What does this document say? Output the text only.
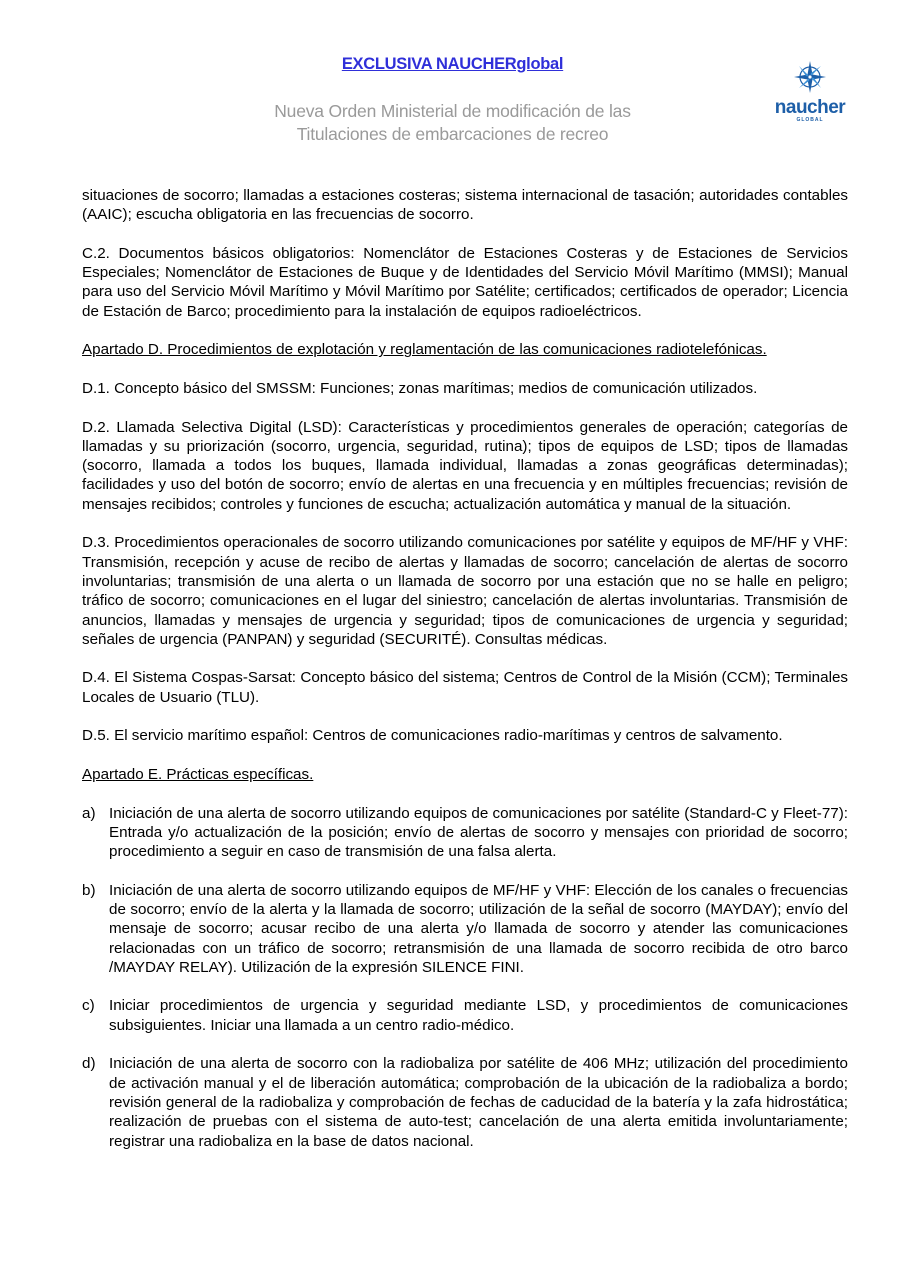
EXCLUSIVA NAUCHERglobal
Nueva Orden Ministerial de modificación de las
Titulaciones de embarcaciones de recreo
naucher
GLOBAL

situaciones de socorro; llamadas a estaciones costeras; sistema internacional de tasación; autoridades contables (AAIC); escucha obligatoria en las frecuencias de socorro.

C.2. Documentos básicos obligatorios: Nomenclátor de Estaciones Costeras y de Estaciones de Servicios Especiales; Nomenclátor de Estaciones de Buque y de Identidades del Servicio Móvil Marítimo (MMSI); Manual para uso del Servicio Móvil Marítimo y Móvil Marítimo por Satélite; certificados; certificados de operador; Licencia de Estación de Barco; procedimiento para la instalación de equipos radioeléctricos.

Apartado D. Procedimientos de explotación y reglamentación de las comunicaciones radiotelefónicas.

D.1. Concepto básico del SMSSM: Funciones; zonas marítimas; medios de comunicación utilizados.

D.2. Llamada Selectiva Digital (LSD): Características y procedimientos generales de operación; categorías de llamadas y su priorización (socorro, urgencia, seguridad, rutina); tipos de equipos de LSD; tipos de llamadas (socorro, llamada a todos los buques, llamada individual, llamadas a zonas geográficas determinadas); facilidades y uso del botón de socorro; envío de alertas en una frecuencia y en múltiples frecuencias; revisión de mensajes recibidos; controles y funciones de escucha; actualización automática y manual de la situación.

D.3. Procedimientos operacionales de socorro utilizando comunicaciones por satélite y equipos de MF/HF y VHF: Transmisión, recepción y acuse de recibo de alertas y llamadas de socorro; cancelación de alertas de socorro involuntarias; transmisión de una alerta o un llamada de socorro por una estación que no se halle en peligro; tráfico de socorro; comunicaciones en el lugar del siniestro; cancelación de alertas involuntarias. Transmisión de anuncios, llamadas y mensajes de urgencia y seguridad; tipos de comunicaciones de urgencia y seguridad; señales de urgencia (PANPAN) y seguridad (SECURITÉ). Consultas médicas.

D.4. El Sistema Cospas-Sarsat: Concepto básico del sistema; Centros de Control de la Misión (CCM); Terminales Locales de Usuario (TLU).

D.5. El servicio marítimo español: Centros de comunicaciones radio-marítimas y centros de salvamento.

Apartado E. Prácticas específicas.

a) Iniciación de una alerta de socorro utilizando equipos de comunicaciones por satélite (Standard-C y Fleet-77): Entrada y/o actualización de la posición; envío de alertas de socorro y mensajes con prioridad de socorro; procedimiento a seguir en caso de transmisión de una falsa alerta.
b) Iniciación de una alerta de socorro utilizando equipos de MF/HF y VHF: Elección de los canales o frecuencias de socorro; envío de la alerta y la llamada de socorro; utilización de la señal de socorro (MAYDAY); envío del mensaje de socorro; acusar recibo de una alerta y/o llamada de socorro y atender las comunicaciones relacionadas con un tráfico de socorro; retransmisión de una llamada de socorro recibida de otro barco /MAYDAY RELAY). Utilización de la expresión SILENCE FINI.
c) Iniciar procedimientos de urgencia y seguridad mediante LSD, y procedimientos de comunicaciones subsiguientes. Iniciar una llamada a un centro radio-médico.
d) Iniciación de una alerta de socorro con la radiobaliza por satélite de 406 MHz; utilización del procedimiento de activación manual y el de liberación automática; comprobación de la ubicación de la radiobaliza a bordo; revisión general de la radiobaliza y comprobación de fechas de caducidad de la batería y la zafa hidrostática; realización de pruebas con el sistema de auto-test; cancelación de una alerta emitida involuntariamente; registrar una radiobaliza en la base de datos nacional.
